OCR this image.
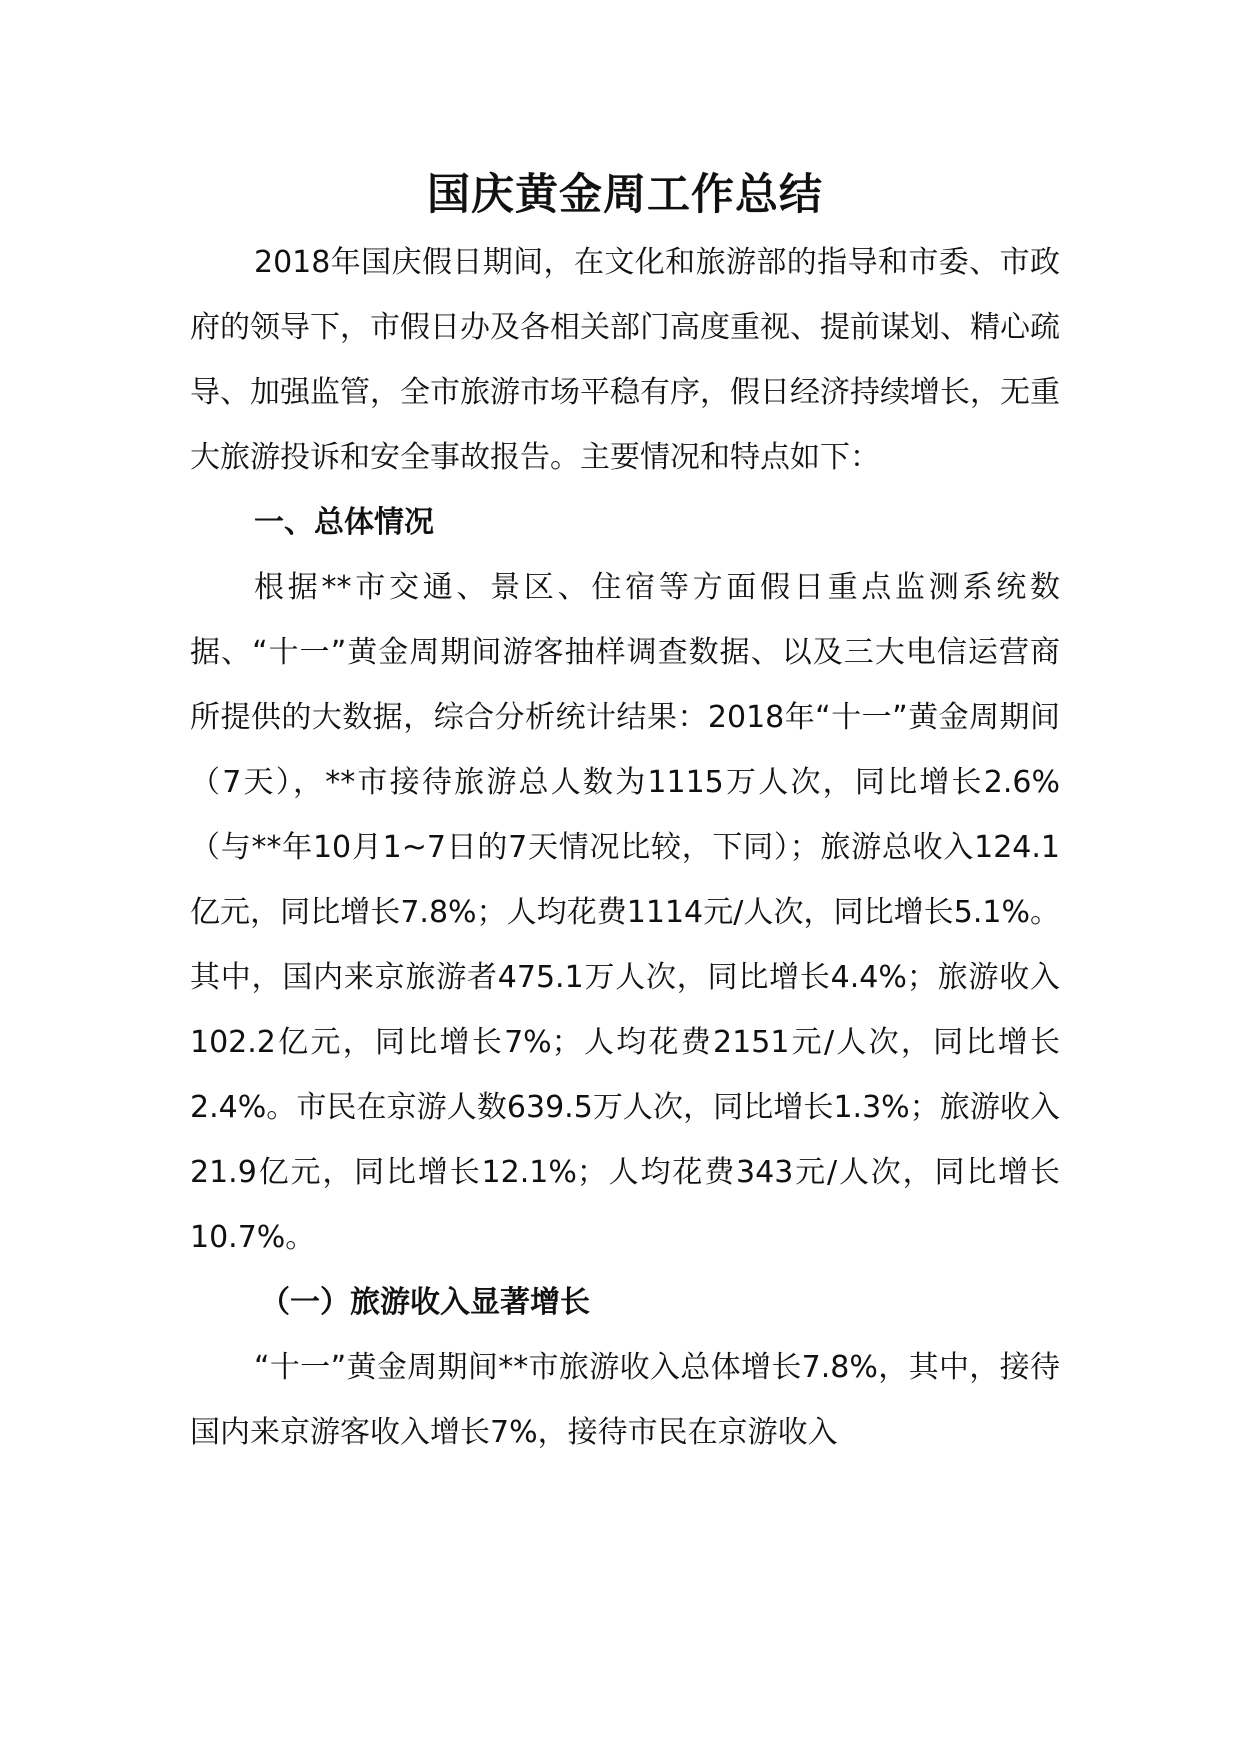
国庆黄金周工作总结

2018年国庆假日期间，在文化和旅游部的指导和市委、市政府的领导下，市假日办及各相关部门高度重视、提前谋划、精心疏导、加强监管，全市旅游市场平稳有序，假日经济持续增长，无重大旅游投诉和安全事故报告。主要情况和特点如下：

一、总体情况

根据**市交通、景区、住宿等方面假日重点监测系统数据、“十一”黄金周期间游客抽样调查数据、以及三大电信运营商所提供的大数据，综合分析统计结果：2018年“十一”黄金周期间（7天），**市接待旅游总人数为1115万人次，同比增长2.6%（与**年10月1~7日的7天情况比较，下同）；旅游总收入124.1亿元，同比增长7.8%；人均花费1114元/人次，同比增长5.1%。其中，国内来京旅游者475.1万人次，同比增长4.4%；旅游收入102.2亿元，同比增长7%；人均花费2151元/人次，同比增长2.4%。市民在京游人数639.5万人次，同比增长1.3%；旅游收入21.9亿元，同比增长12.1%；人均花费343元/人次，同比增长10.7%。

（一）旅游收入显著增长

“十一”黄金周期间**市旅游收入总体增长7.8%，其中，接待国内来京游客收入增长7%，接待市民在京游收入
